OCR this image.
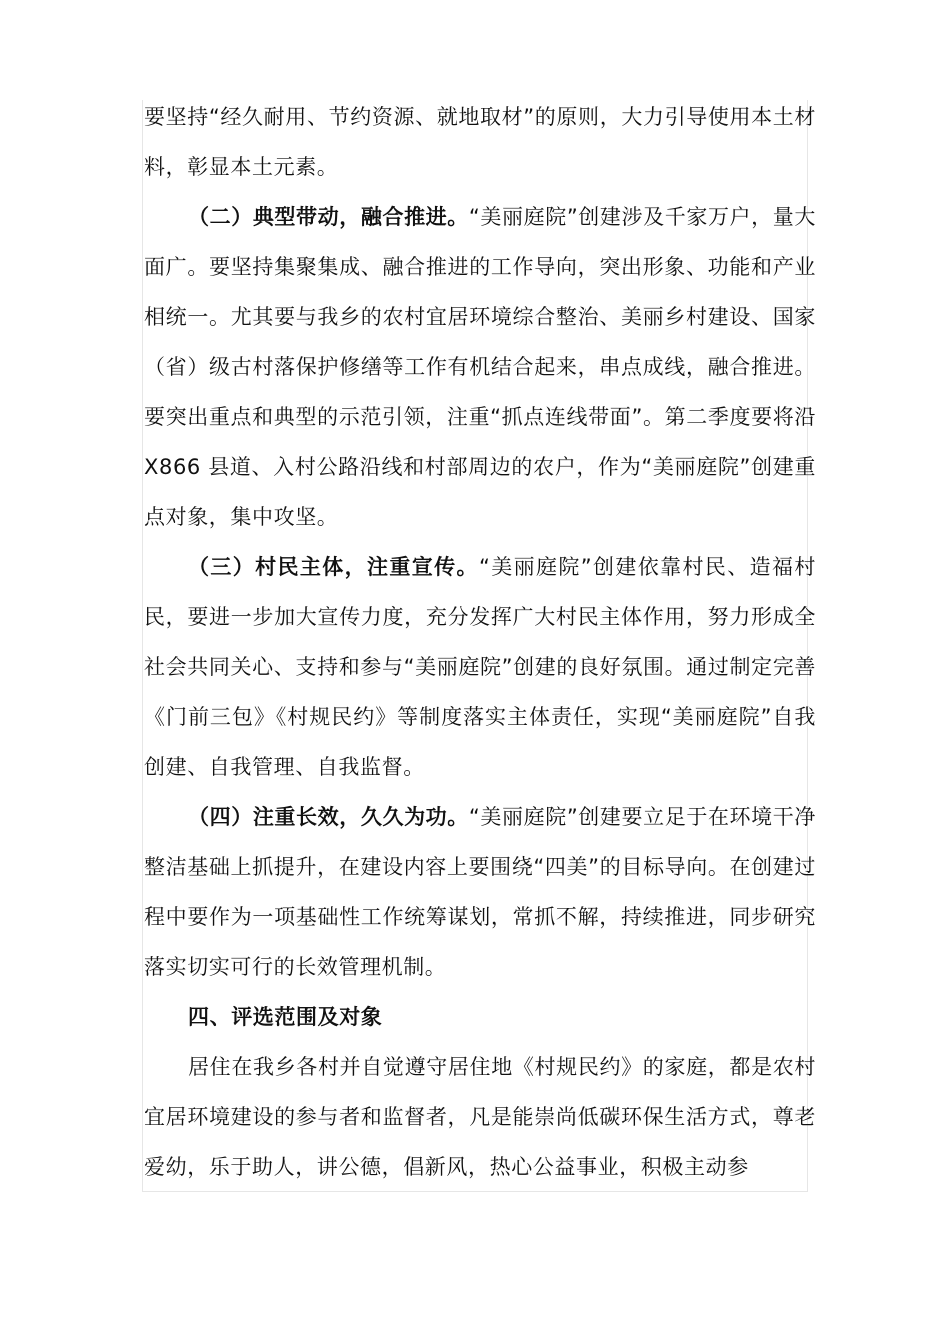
要坚持“经久耐用、节约资源、就地取材”的原则，大力引导使用本土材料，彰显本土元素。

（二）典型带动，融合推进。“美丽庭院”创建涉及千家万户，量大面广。要坚持集聚集成、融合推进的工作导向，突出形象、功能和产业相统一。尤其要与我乡的农村宜居环境综合整治、美丽乡村建设、国家（省）级古村落保护修缮等工作有机结合起来，串点成线，融合推进。要突出重点和典型的示范引领，注重“抓点连线带面”。第二季度要将沿 X866 县道、入村公路沿线和村部周边的农户，作为“美丽庭院”创建重点对象，集中攻坚。

（三）村民主体，注重宣传。“美丽庭院”创建依靠村民、造福村民，要进一步加大宣传力度，充分发挥广大村民主体作用，努力形成全社会共同关心、支持和参与“美丽庭院”创建的良好氛围。通过制定完善《门前三包》《村规民约》等制度落实主体责任，实现“美丽庭院”自我创建、自我管理、自我监督。

（四）注重长效，久久为功。“美丽庭院”创建要立足于在环境干净整洁基础上抓提升，在建设内容上要围绕“四美”的目标导向。在创建过程中要作为一项基础性工作统筹谋划，常抓不解，持续推进，同步研究落实切实可行的长效管理机制。

四、评选范围及对象

居住在我乡各村并自觉遵守居住地《村规民约》的家庭，都是农村宜居环境建设的参与者和监督者，凡是能崇尚低碳环保生活方式，尊老爱幼，乐于助人，讲公德，倡新风，热心公益事业，积极主动参
